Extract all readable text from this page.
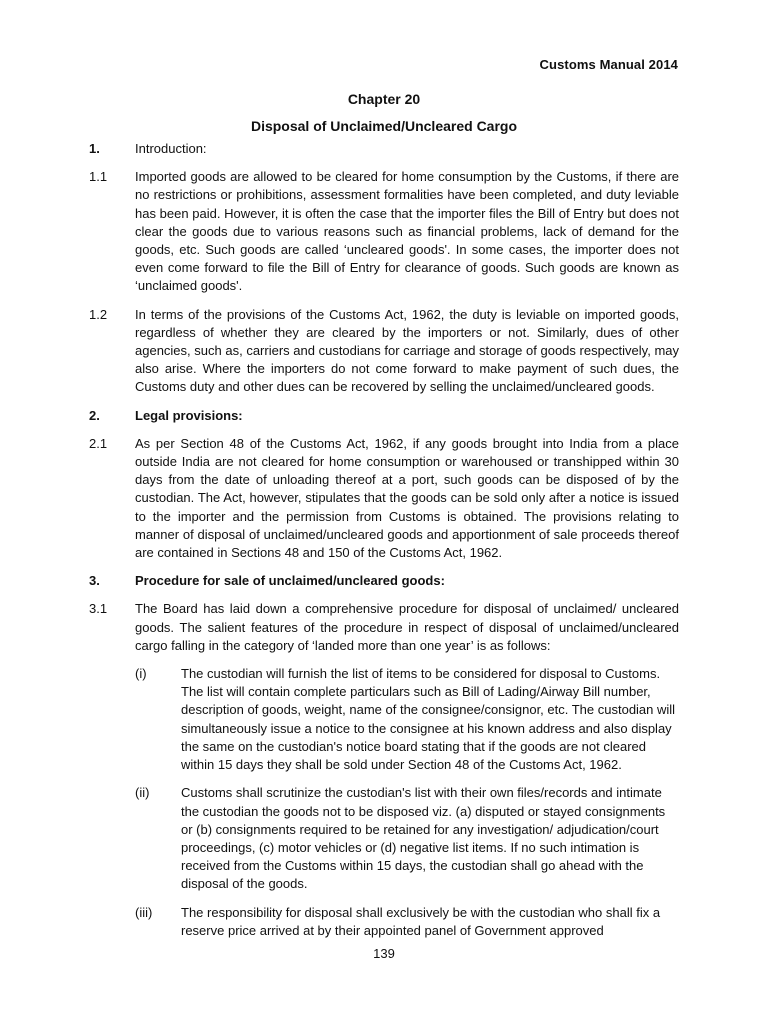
Customs Manual 2014
Chapter 20
Disposal of Unclaimed/Uncleared Cargo
1.	Introduction:
1.1	Imported goods are allowed to be cleared for home consumption by the Customs, if there are no restrictions or prohibitions, assessment formalities have been completed, and duty leviable has been paid. However, it is often the case that the importer files the Bill of Entry but does not clear the goods due to various reasons such as financial problems, lack of demand for the goods, etc. Such goods are called ‘uncleared goods'. In some cases, the importer does not even come forward to file the Bill of Entry for clearance of goods. Such goods are known as ‘unclaimed goods'.
1.2	In terms of the provisions of the Customs Act, 1962, the duty is leviable on imported goods, regardless of whether they are cleared by the importers or not. Similarly, dues of other agencies, such as, carriers and custodians for carriage and storage of goods respectively, may also arise. Where the importers do not come forward to make payment of such dues, the Customs duty and other dues can be recovered by selling the unclaimed/uncleared goods.
2.	Legal provisions:
2.1	As per Section 48 of the Customs Act, 1962, if any goods brought into India from a place outside India are not cleared for home consumption or warehoused or transhipped within 30 days from the date of unloading thereof at a port, such goods can be disposed of by the custodian. The Act, however, stipulates that the goods can be sold only after a notice is issued to the importer and the permission from Customs is obtained. The provisions relating to manner of disposal of unclaimed/uncleared goods and apportionment of sale proceeds thereof are contained in Sections 48 and 150 of the Customs Act, 1962.
3.	Procedure for sale of unclaimed/uncleared goods:
3.1	The Board has laid down a comprehensive procedure for disposal of unclaimed/ uncleared goods. The salient features of the procedure in respect of disposal of unclaimed/uncleared cargo falling in the category of ‘landed more than one year’ is as follows:
(i)	The custodian will furnish the list of items to be considered for disposal to Customs. The list will contain complete particulars such as Bill of Lading/Airway Bill number, description of goods, weight, name of the consignee/consignor, etc. The custodian will simultaneously issue a notice to the consignee at his known address and also display the same on the custodian's notice board stating that if the goods are not cleared within 15 days they shall be sold under Section 48 of the Customs Act, 1962.
(ii)	Customs shall scrutinize the custodian's list with their own files/records and intimate the custodian the goods not to be disposed viz. (a) disputed or stayed consignments or (b) consignments required to be retained for any investigation/ adjudication/court proceedings, (c) motor vehicles or (d) negative list items. If no such intimation is received from the Customs within 15 days, the custodian shall go ahead with the disposal of the goods.
(iii)	The responsibility for disposal shall exclusively be with the custodian who shall fix a reserve price arrived at by their appointed panel of Government approved
139
